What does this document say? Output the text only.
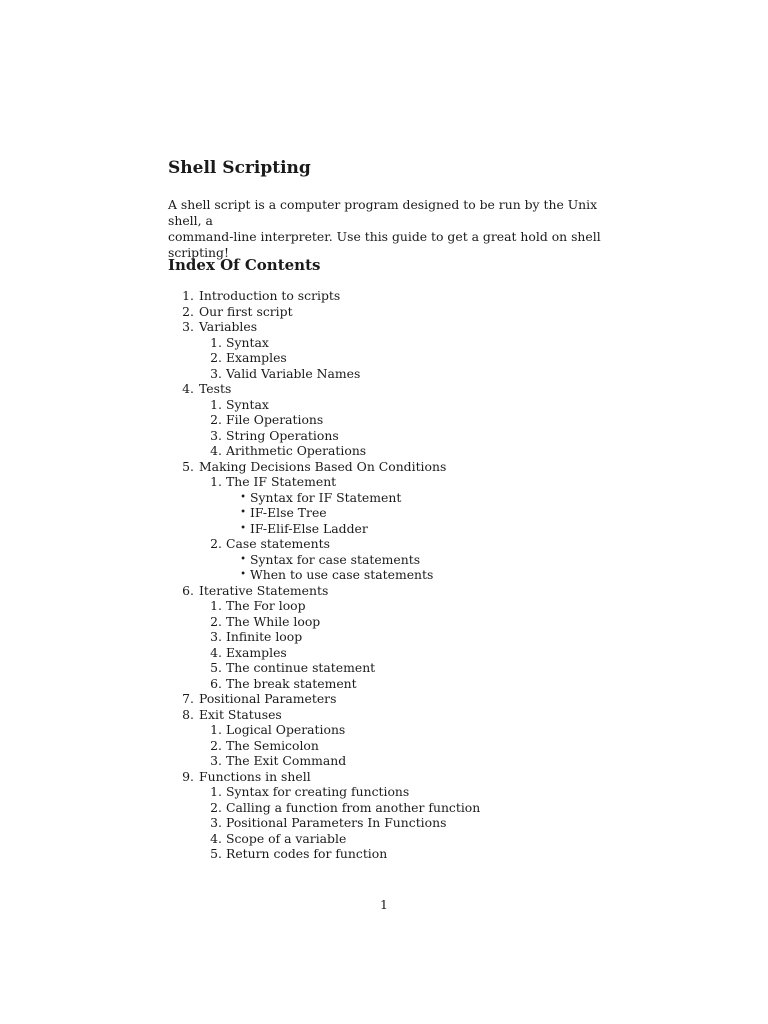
Shell Scripting
A shell script is a computer program designed to be run by the Unix shell, a
command-line interpreter. Use this guide to get a great hold on shell scripting!
Index Of Contents
1. Introduction to scripts
2. Our first script
3. Variables
1. Syntax
2. Examples
3. Valid Variable Names
4. Tests
1. Syntax
2. File Operations
3. String Operations
4. Arithmetic Operations
5. Making Decisions Based On Conditions
1. The IF Statement
• Syntax for IF Statement
• IF-Else Tree
• IF-Elif-Else Ladder
2. Case statements
• Syntax for case statements
• When to use case statements
6. Iterative Statements
1. The For loop
2. The While loop
3. Infinite loop
4. Examples
5. The continue statement
6. The break statement
7. Positional Parameters
8. Exit Statuses
1. Logical Operations
2. The Semicolon
3. The Exit Command
9. Functions in shell
1. Syntax for creating functions
2. Calling a function from another function
3. Positional Parameters In Functions
4. Scope of a variable
5. Return codes for function
1
